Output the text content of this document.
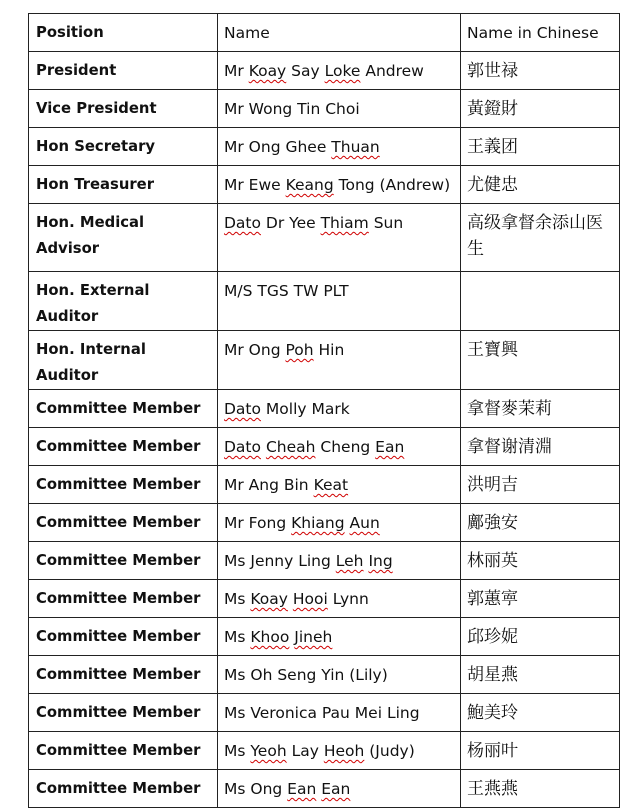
Position	Name	Name in Chinese
President	Mr Koay Say Loke Andrew	郭世禄
Vice President	Mr Wong Tin Choi	黃鐙財
Hon Secretary	Mr Ong Ghee Thuan	王義团
Hon Treasurer	Mr Ewe Keang Tong (Andrew)	尤健忠
Hon. Medical Advisor	Dato Dr Yee Thiam Sun	高级拿督余添山医生
Hon. External Auditor	M/S TGS TW PLT	
Hon. Internal Auditor	Mr Ong Poh Hin	王寶興
Committee Member	Dato Molly Mark	拿督麥茉莉
Committee Member	Dato Cheah Cheng Ean	拿督谢清淵
Committee Member	Mr Ang Bin Keat	洪明吉
Committee Member	Mr Fong Khiang Aun	鄺強安
Committee Member	Ms Jenny Ling Leh Ing	林丽英
Committee Member	Ms Koay Hooi Lynn	郭蕙寕
Committee Member	Ms Khoo Jineh	邱珍妮
Committee Member	Ms Oh Seng Yin (Lily)	胡星燕
Committee Member	Ms Veronica Pau Mei Ling	鮑美玲
Committee Member	Ms Yeoh Lay Heoh (Judy)	杨丽叶
Committee Member	Ms Ong Ean Ean	王燕燕
